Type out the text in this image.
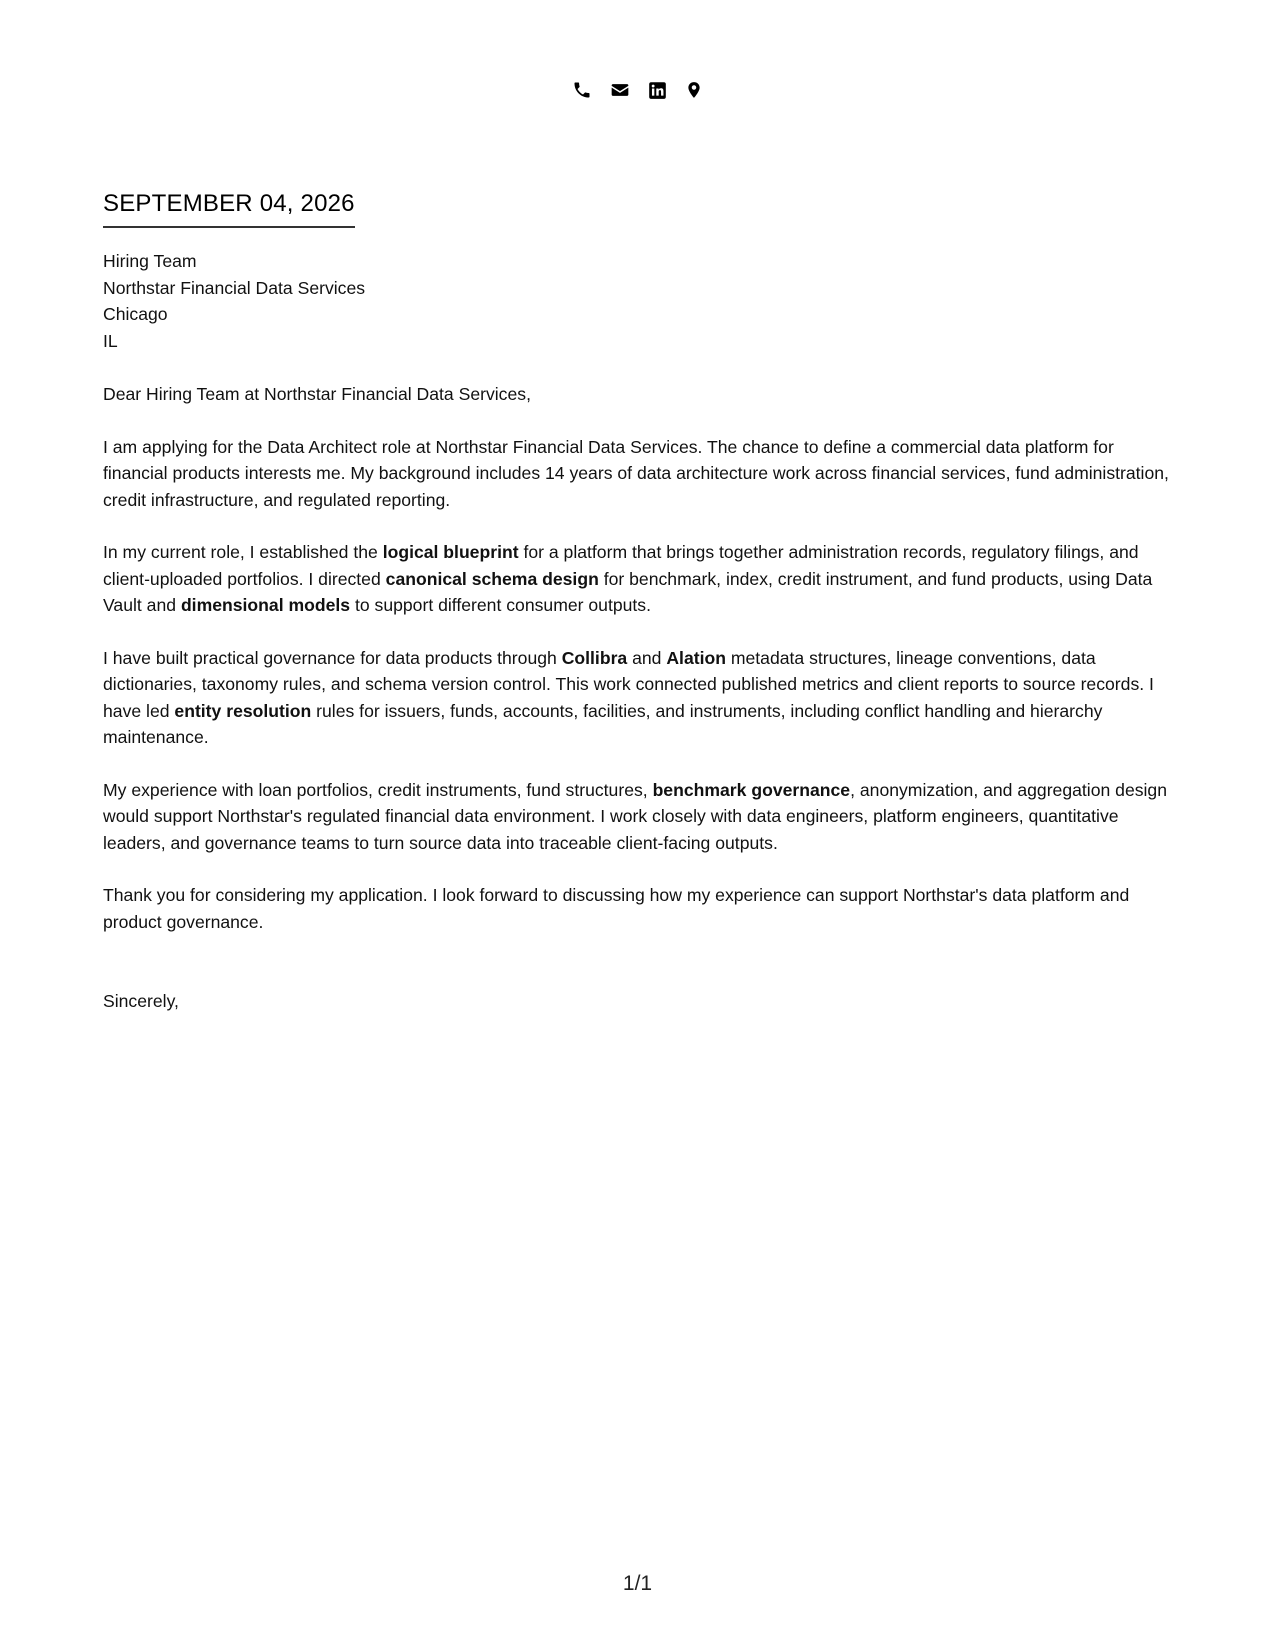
SEPTEMBER 04, 2026
Hiring Team
Northstar Financial Data Services
Chicago
IL
Dear Hiring Team at Northstar Financial Data Services,

I am applying for the Data Architect role at Northstar Financial Data Services. The chance to define a commercial data platform for financial products interests me. My background includes 14 years of data architecture work across financial services, fund administration, credit infrastructure, and regulated reporting.

In my current role, I established the logical blueprint for a platform that brings together administration records, regulatory filings, and client-uploaded portfolios. I directed canonical schema design for benchmark, index, credit instrument, and fund products, using Data Vault and dimensional models to support different consumer outputs.

I have built practical governance for data products through Collibra and Alation metadata structures, lineage conventions, data dictionaries, taxonomy rules, and schema version control. This work connected published metrics and client reports to source records. I have led entity resolution rules for issuers, funds, accounts, facilities, and instruments, including conflict handling and hierarchy maintenance.

My experience with loan portfolios, credit instruments, fund structures, benchmark governance, anonymization, and aggregation design would support Northstar's regulated financial data environment. I work closely with data engineers, platform engineers, quantitative leaders, and governance teams to turn source data into traceable client-facing outputs.

Thank you for considering my application. I look forward to discussing how my experience can support Northstar's data platform and product governance.

Sincerely,
1/1
